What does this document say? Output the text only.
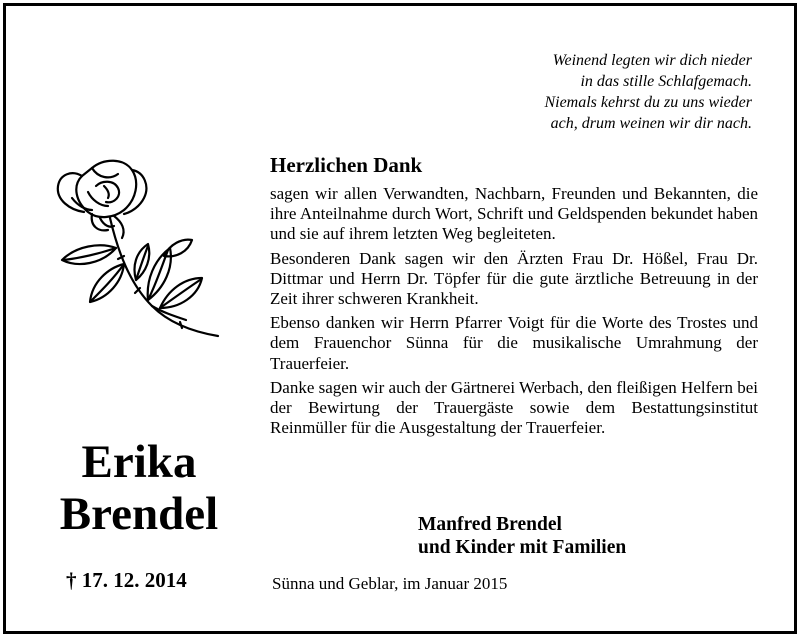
Weinend legten wir dich nieder
in das stille Schlafgemach.
Niemals kehrst du zu uns wieder
ach, drum weinen wir dir nach.
Erika
Brendel
† 17. 12. 2014
Herzlichen Dank

sagen wir allen Verwandten, Nachbarn, Freunden und Bekannten, die ihre Anteilnahme durch Wort, Schrift und Geldspenden bekundet haben und sie auf ihrem letzten Weg begleiteten.

Besonderen Dank sagen wir den Ärzten Frau Dr. Hößel, Frau Dr. Dittmar und Herrn Dr. Töpfer für die gute ärztliche Betreuung in der Zeit ihrer schweren Krankheit.

Ebenso danken wir Herrn Pfarrer Voigt für die Worte des Trostes und dem Frauenchor Sünna für die musikalische Umrahmung der Trauerfeier.

Danke sagen wir auch der Gärtnerei Werbach, den fleißigen Helfern bei der Bewirtung der Trauergäste sowie dem Bestattungsinstitut Reinmüller für die Ausgestaltung der Trauerfeier.

Manfred Brendel
und Kinder mit Familien
Sünna und Geblar, im Januar 2015
